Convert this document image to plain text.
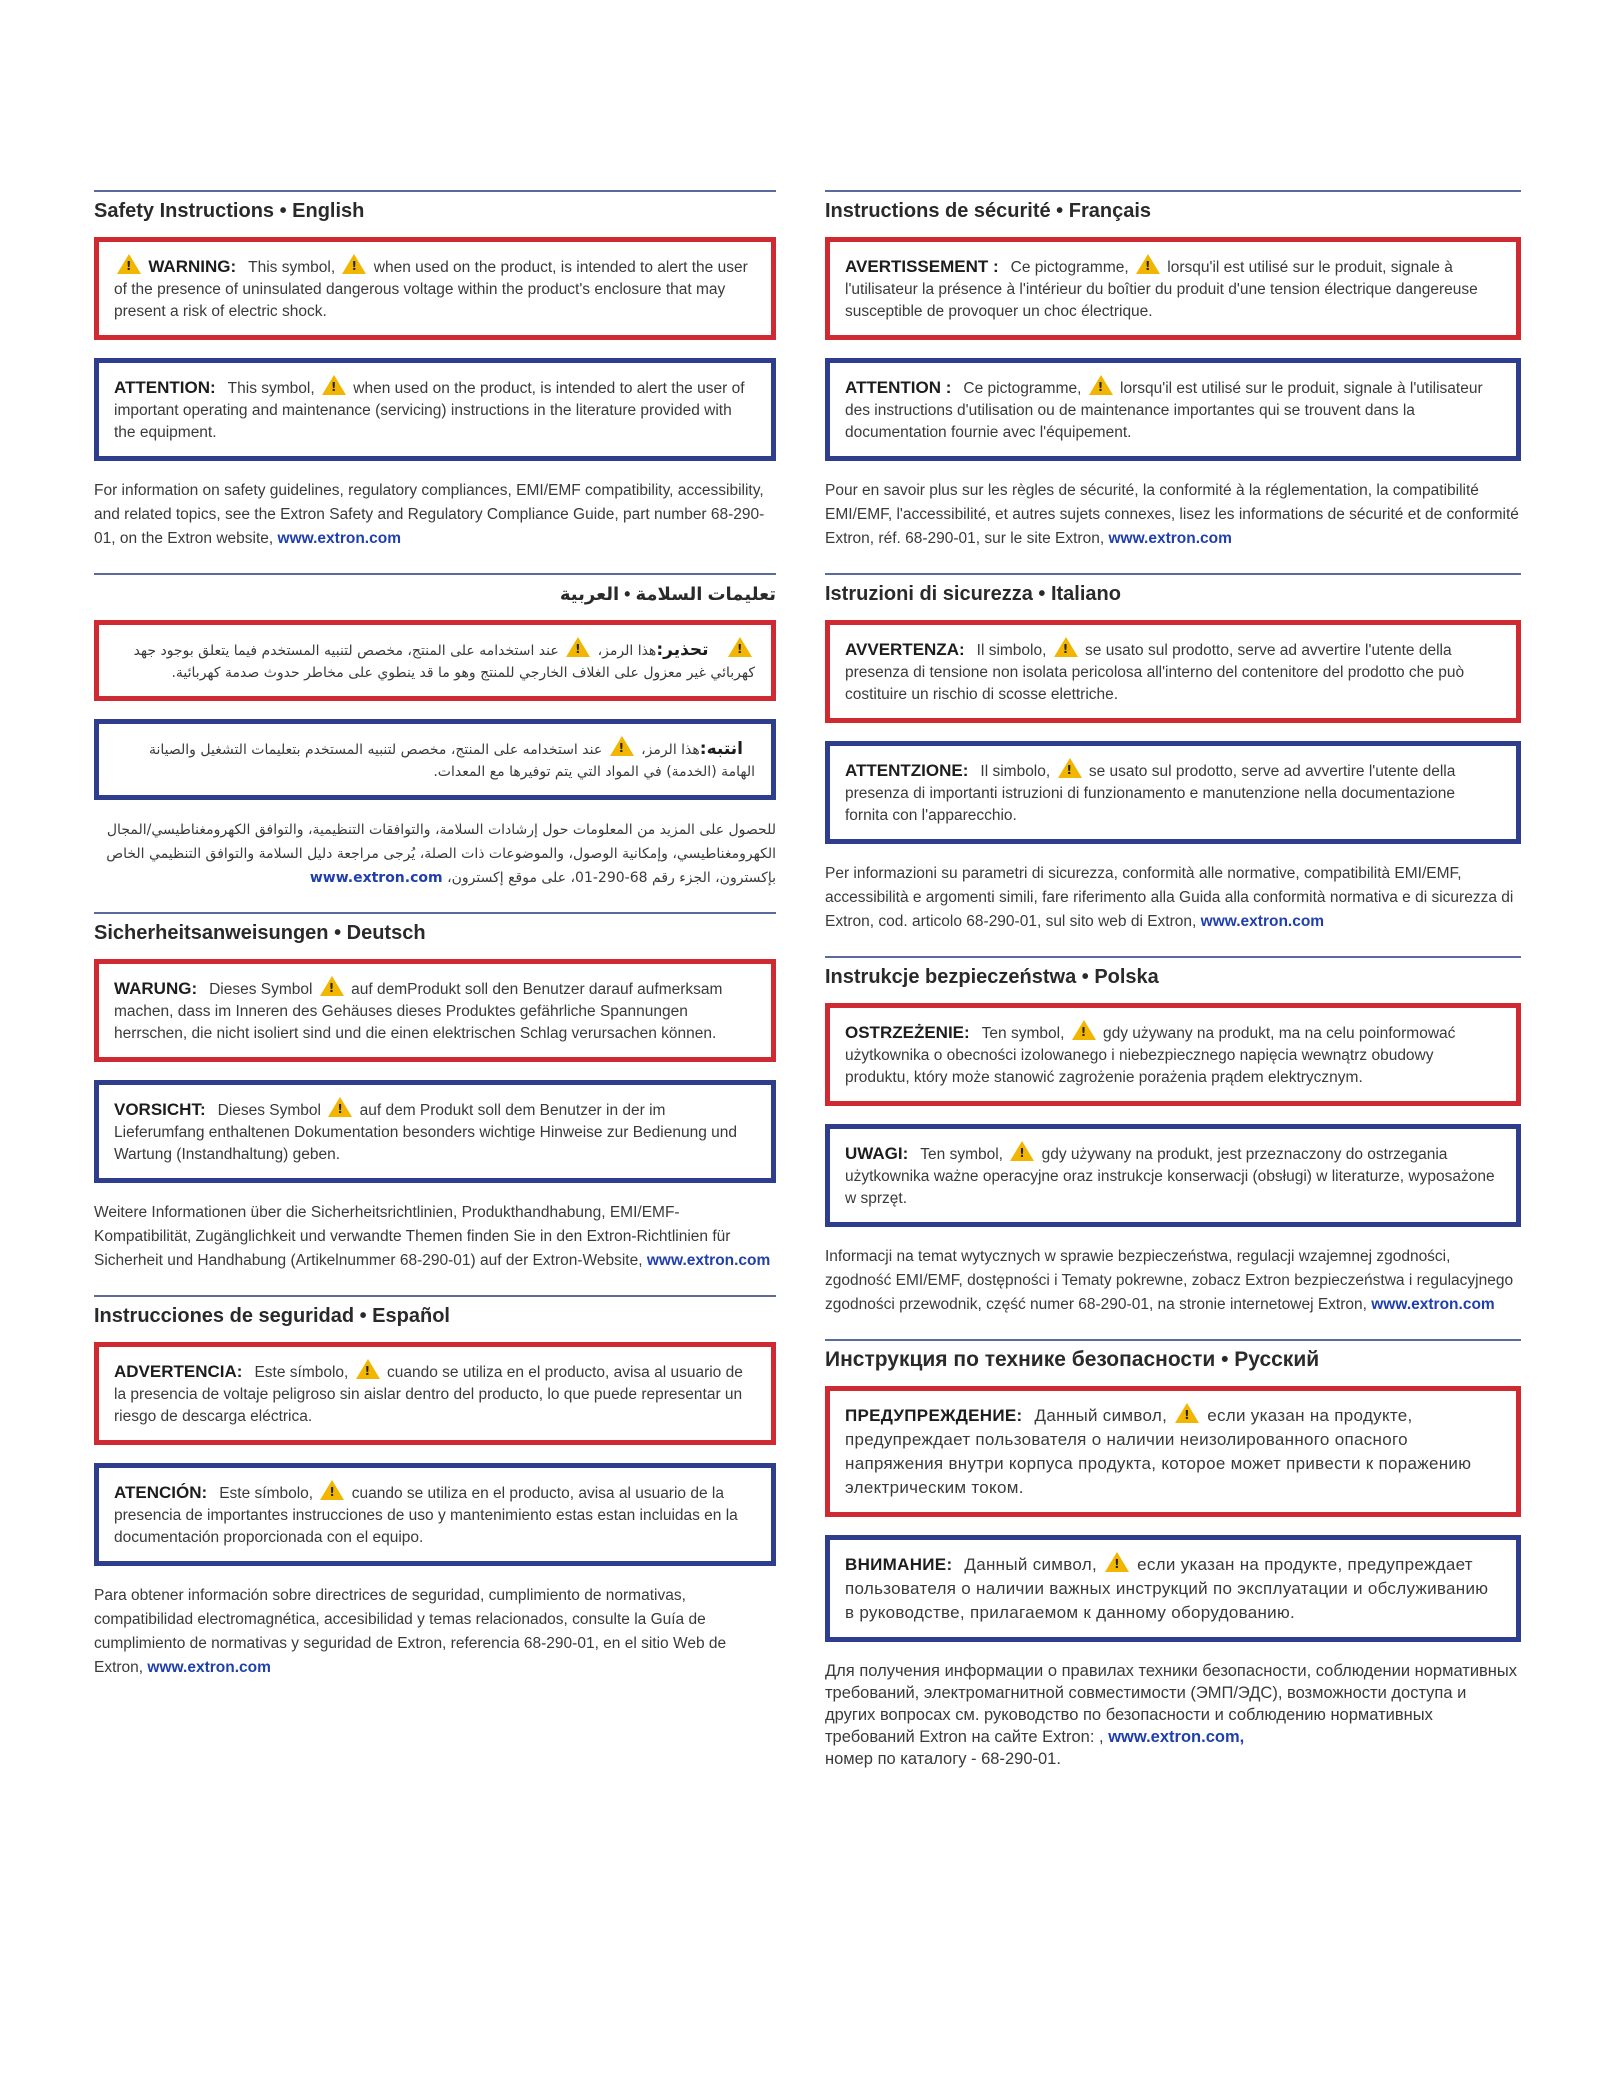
Safety Instructions • English
! WARNING: This symbol, ! when used on the product, is intended to alert the user of the presence of uninsulated dangerous voltage within the product's enclosure that may present a risk of electric shock.
ATTENTION: This symbol, ! when used on the product, is intended to alert the user of important operating and maintenance (servicing) instructions in the literature provided with the equipment.

For information on safety guidelines, regulatory compliances, EMI/EMF compatibility, accessibility, and related topics, see the Extron Safety and Regulatory Compliance Guide, part number 68-290-01, on the Extron website, www.extron.com

تعليمات السلامة • العربية
!
تحذير:هذا الرمز،
!
عند استخدامه على المنتج، مخصص لتنبيه المستخدم فيما يتعلق بوجود جهد كهربائي غير معزول على الغلاف الخارجي للمنتج وهو ما قد ينطوي على مخاطر حدوث صدمة كهربائية.
انتبه:هذا الرمز،
!
عند استخدامه على المنتج، مخصص لتنبيه المستخدم بتعليمات التشغيل والصيانة الهامة (الخدمة) في المواد التي يتم توفيرها مع المعدات.

للحصول على المزيد من المعلومات حول إرشادات السلامة، والتوافقات التنظيمية، والتوافق الكهرومغناطيسي/المجال الكهرومغناطيسي، وإمكانية الوصول، والموضوعات ذات الصلة، يُرجى مراجعة دليل السلامة والتوافق التنظيمي الخاص بإكسترون، الجزء رقم 68-290-01، على موقع إكسترون، www.extron.com

Sicherheitsanweisungen • Deutsch
WARUNG: Dieses Symbol ! auf demProdukt soll den Benutzer darauf aufmerksam machen, dass im Inneren des Gehäuses dieses Produktes gefährliche Spannungen herrschen, die nicht isoliert sind und die einen elektrischen Schlag verursachen können.
VORSICHT: Dieses Symbol ! auf dem Produkt soll dem Benutzer in der im Lieferumfang enthaltenen Dokumentation besonders wichtige Hinweise zur Bedienung und Wartung (Instandhaltung) geben.

Weitere Informationen über die Sicherheitsrichtlinien, Produkthandhabung, EMI/EMF-Kompatibilität, Zugänglichkeit und verwandte Themen finden Sie in den Extron-Richtlinien für Sicherheit und Handhabung (Artikelnummer 68-290-01) auf der Extron-Website, www.extron.com

Instrucciones de seguridad • Español
ADVERTENCIA: Este símbolo, ! cuando se utiliza en el producto, avisa al usuario de la presencia de voltaje peligroso sin aislar dentro del producto, lo que puede representar un riesgo de descarga eléctrica.
ATENCIÓN: Este símbolo, ! cuando se utiliza en el producto, avisa al usuario de la presencia de importantes instrucciones de uso y mantenimiento estas estan incluidas en la documentación proporcionada con el equipo.

Para obtener información sobre directrices de seguridad, cumplimiento de normativas, compatibilidad electromagnética, accesibilidad y temas relacionados, consulte la Guía de cumplimiento de normativas y seguridad de Extron, referencia 68-290-01, en el sitio Web de Extron, www.extron.com

Instructions de sécurité • Français
AVERTISSEMENT : Ce pictogramme, ! lorsqu'il est utilisé sur le produit, signale à l'utilisateur la présence à l'intérieur du boîtier du produit d'une tension électrique dangereuse susceptible de provoquer un choc électrique.
ATTENTION : Ce pictogramme, ! lorsqu'il est utilisé sur le produit, signale à l'utilisateur des instructions d'utilisation ou de maintenance importantes qui se trouvent dans la documentation fournie avec l'équipement.

Pour en savoir plus sur les règles de sécurité, la conformité à la réglementation, la compatibilité EMI/EMF, l'accessibilité, et autres sujets connexes, lisez les informations de sécurité et de conformité Extron, réf. 68-290-01, sur le site Extron, www.extron.com

Istruzioni di sicurezza • Italiano
AVVERTENZA: Il simbolo, ! se usato sul prodotto, serve ad avvertire l'utente della presenza di tensione non isolata pericolosa all'interno del contenitore del prodotto che può costituire un rischio di scosse elettriche.
ATTENTZIONE: Il simbolo, ! se usato sul prodotto, serve ad avvertire l'utente della presenza di importanti istruzioni di funzionamento e manutenzione nella documentazione fornita con l'apparecchio.

Per informazioni su parametri di sicurezza, conformità alle normative, compatibilità EMI/EMF, accessibilità e argomenti simili, fare riferimento alla Guida alla conformità normativa e di sicurezza di Extron, cod. articolo 68-290-01, sul sito web di Extron, www.extron.com

Instrukcje bezpieczeństwa • Polska
OSTRZEŻENIE: Ten symbol, ! gdy używany na produkt, ma na celu poinformować użytkownika o obecności izolowanego i niebezpiecznego napięcia wewnątrz obudowy produktu, który może stanowić zagrożenie porażenia prądem elektrycznym.
UWAGI: Ten symbol, ! gdy używany na produkt, jest przeznaczony do ostrzegania użytkownika ważne operacyjne oraz instrukcje konserwacji (obsługi) w literaturze, wyposażone w sprzęt.

Informacji na temat wytycznych w sprawie bezpieczeństwa, regulacji wzajemnej zgodności, zgodność EMI/EMF, dostępności i Tematy pokrewne, zobacz Extron bezpieczeństwa i regulacyjnego zgodności przewodnik, część numer 68-290-01, na stronie internetowej Extron, www.extron.com

Инструкция по технике безопасности • Русский
ПРЕДУПРЕЖДЕНИЕ: Данный символ, ! если указан на продукте, предупреждает пользователя о наличии неизолированного опасного напряжения внутри корпуса продукта, которое может привести к поражению электрическим током.
ВНИМАНИЕ: Данный символ, ! если указан на продукте, предупреждает пользователя о наличии важных инструкций по эксплуатации и обслуживанию в руководстве, прилагаемом к данному оборудованию.

Для получения информации о правилах техники безопасности, соблюдении нормативных требований, электромагнитной совместимости (ЭМП/ЭДС), возможности доступа и других вопросах см. руководство по безопасности и соблюдению нормативных требований Extron на сайте Extron: , www.extron.com,
номер по каталогу - 68-290-01.
